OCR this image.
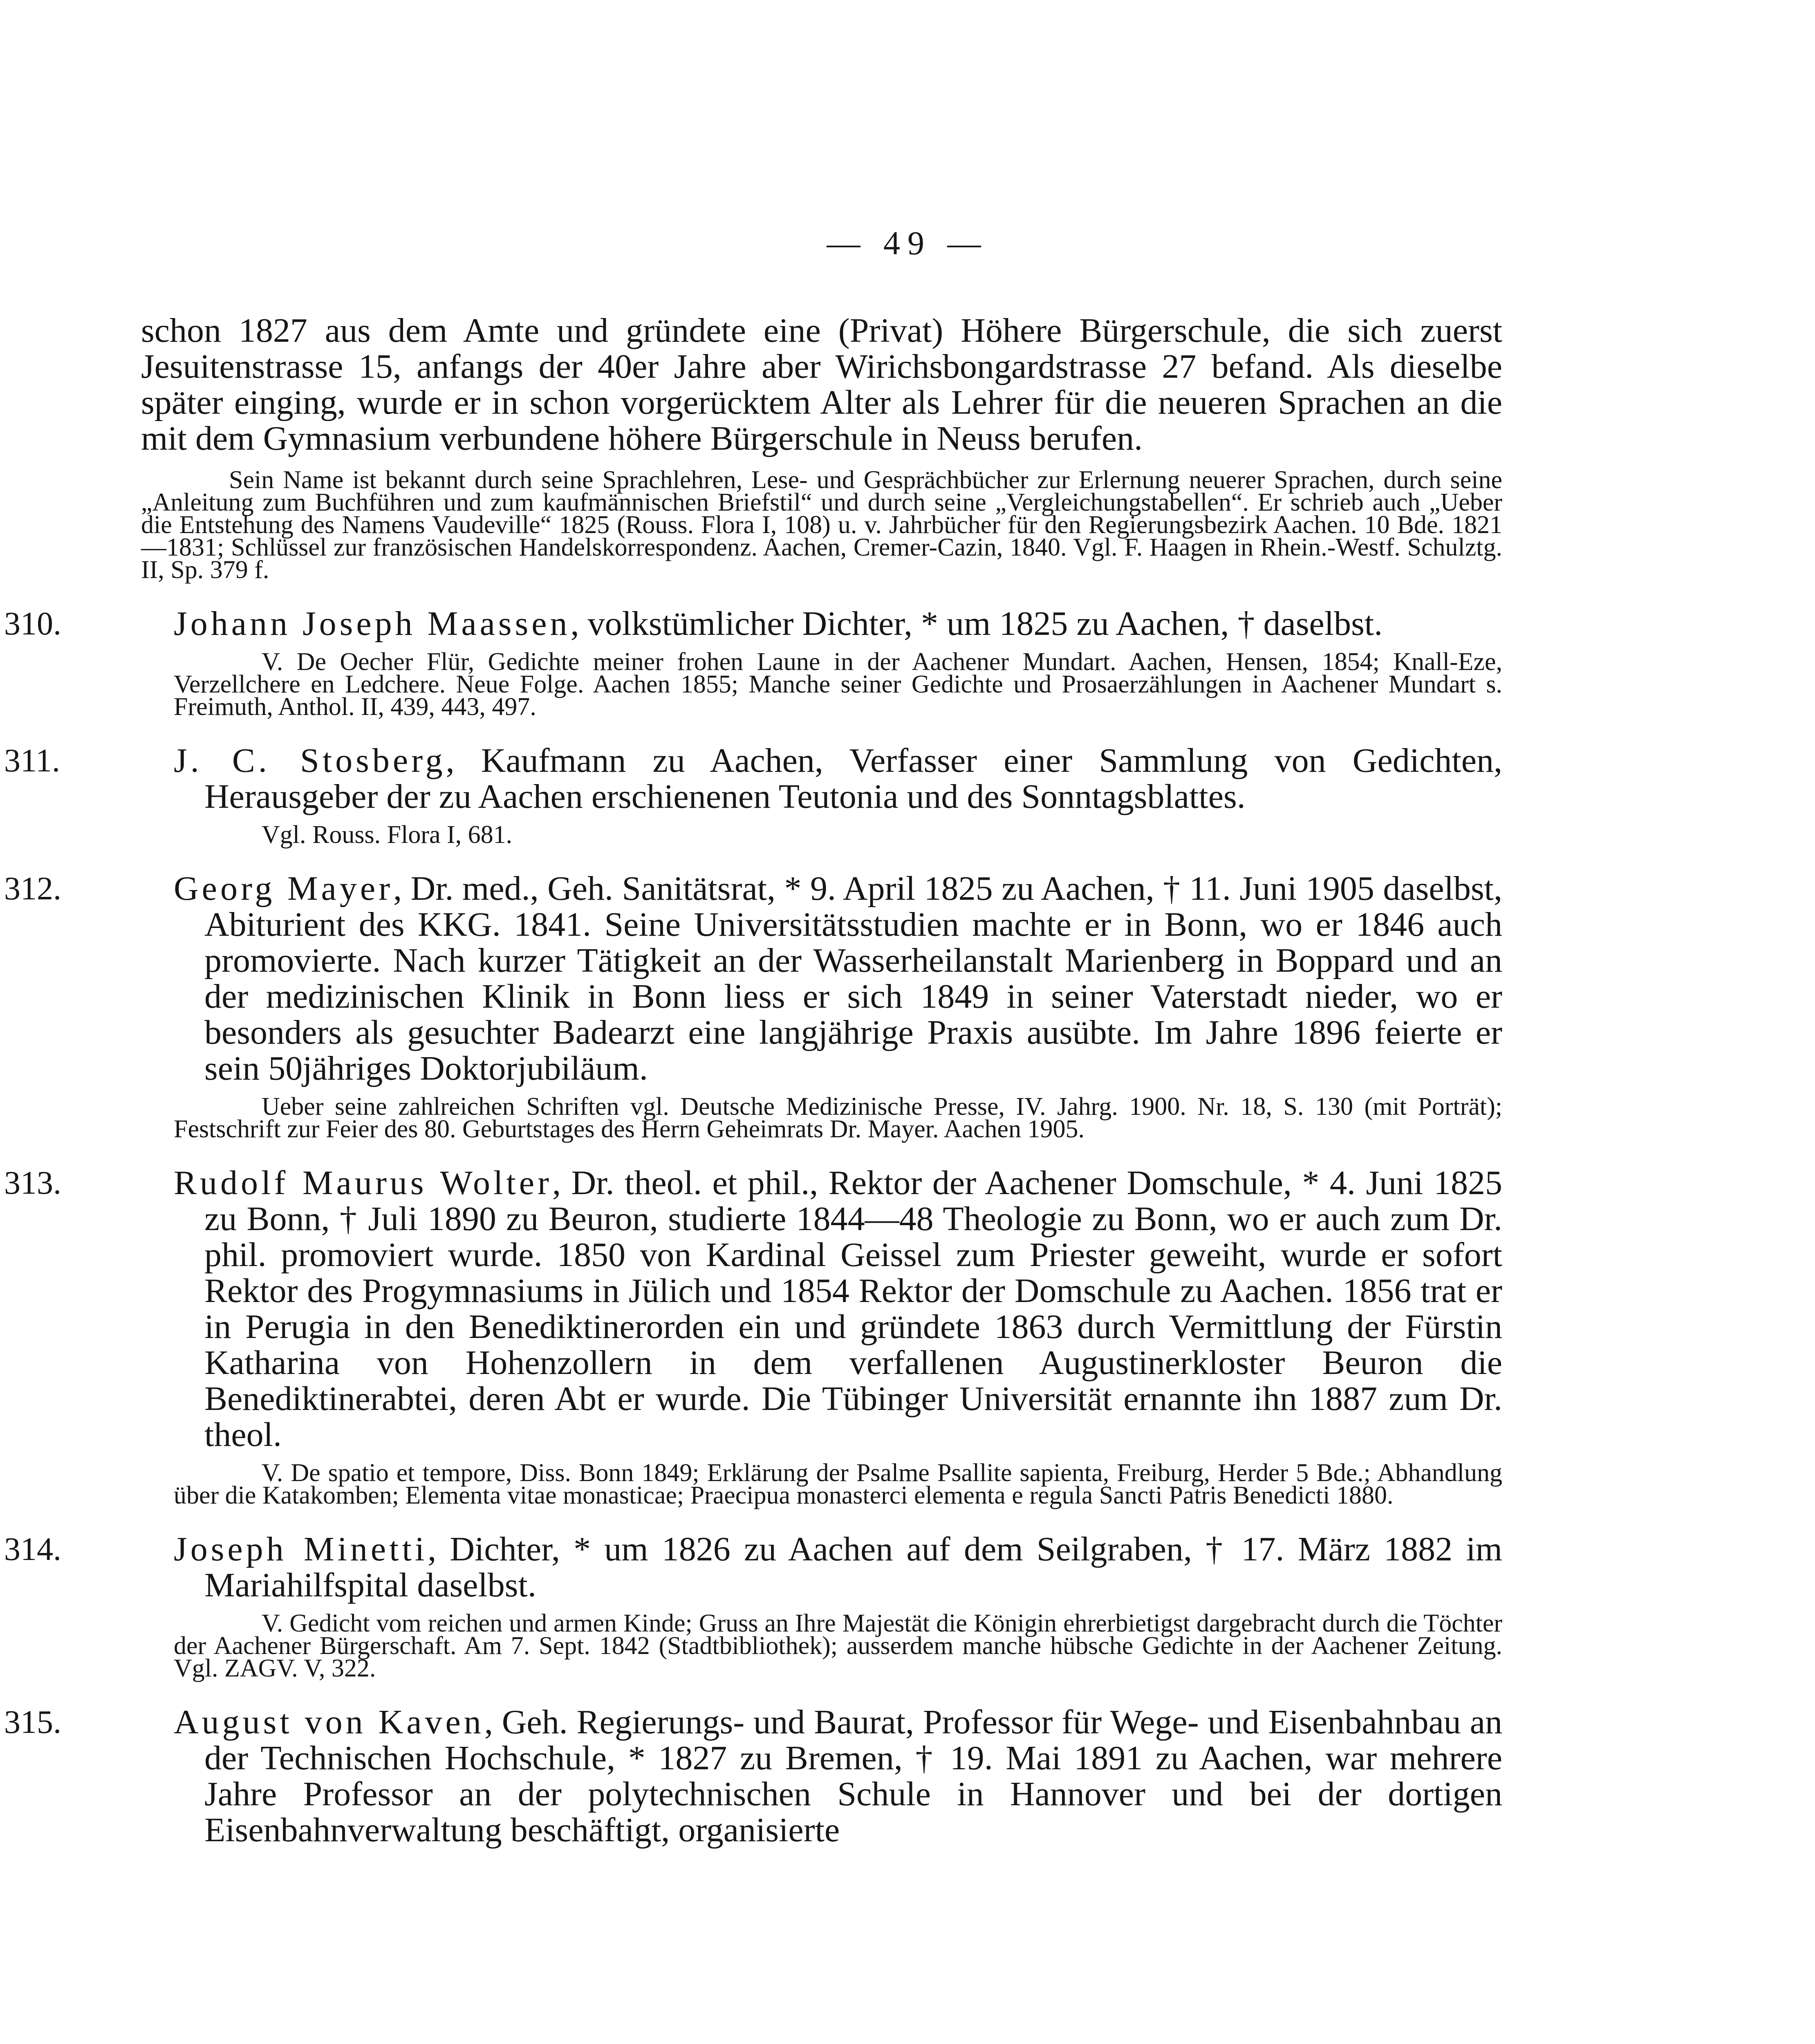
— 49 —

schon 1827 aus dem Amte und gründete eine (Privat) Höhere Bürgerschule, die sich zuerst Jesuitenstrasse 15, anfangs der 40er Jahre aber Wirichsbongardstrasse 27 befand. Als dieselbe später einging, wurde er in schon vorgerücktem Alter als Lehrer für die neueren Sprachen an die mit dem Gymnasium verbundene höhere Bürgerschule in Neuss berufen.

Sein Name ist bekannt durch seine Sprachlehren, Lese- und Gesprächbücher zur Erlernung neuerer Sprachen, durch seine „Anleitung zum Buchführen und zum kaufmännischen Briefstil“ und durch seine „Vergleichungstabellen“. Er schrieb auch „Ueber die Entstehung des Namens Vaudeville“ 1825 (Rouss. Flora I, 108) u. v. Jahrbücher für den Regierungsbezirk Aachen. 10 Bde. 1821—1831; Schlüssel zur französischen Handelskorrespondenz. Aachen, Cremer-Cazin, 1840. Vgl. F. Haagen in Rhein.-Westf. Schulztg. II, Sp. 379 f.

310.	Johann Joseph Maassen, volkstümlicher Dichter, * um 1825 zu Aachen, † daselbst.

V. De Oecher Flür, Gedichte meiner frohen Laune in der Aachener Mundart. Aachen, Hensen, 1854; Knall-Eze, Verzellchere en Ledchere. Neue Folge. Aachen 1855; Manche seiner Gedichte und Prosaerzählungen in Aachener Mundart s. Freimuth, Anthol. II, 439, 443, 497.

311.	J. C. Stosberg, Kaufmann zu Aachen, Verfasser einer Sammlung von Gedichten, Herausgeber der zu Aachen erschienenen Teutonia und des Sonntagsblattes.

Vgl. Rouss. Flora I, 681.

312.	Georg Mayer, Dr. med., Geh. Sanitätsrat, * 9. April 1825 zu Aachen, † 11. Juni 1905 daselbst, Abiturient des KKG. 1841. Seine Universitätsstudien machte er in Bonn, wo er 1846 auch promovierte. Nach kurzer Tätigkeit an der Wasserheilanstalt Marienberg in Boppard und an der medizinischen Klinik in Bonn liess er sich 1849 in seiner Vaterstadt nieder, wo er besonders als gesuchter Badearzt eine langjährige Praxis ausübte. Im Jahre 1896 feierte er sein 50jähriges Doktorjubiläum.

Ueber seine zahlreichen Schriften vgl. Deutsche Medizinische Presse, IV. Jahrg. 1900. Nr. 18, S. 130 (mit Porträt); Festschrift zur Feier des 80. Geburtstages des Herrn Geheimrats Dr. Mayer. Aachen 1905.

313.	Rudolf Maurus Wolter, Dr. theol. et phil., Rektor der Aachener Domschule, * 4. Juni 1825 zu Bonn, † Juli 1890 zu Beuron, studierte 1844—48 Theologie zu Bonn, wo er auch zum Dr. phil. promoviert wurde. 1850 von Kardinal Geissel zum Priester geweiht, wurde er sofort Rektor des Progymnasiums in Jülich und 1854 Rektor der Domschule zu Aachen. 1856 trat er in Perugia in den Benediktinerorden ein und gründete 1863 durch Vermittlung der Fürstin Katharina von Hohenzollern in dem verfallenen Augustinerkloster Beuron die Benediktinerabtei, deren Abt er wurde. Die Tübinger Universität ernannte ihn 1887 zum Dr. theol.

V. De spatio et tempore, Diss. Bonn 1849; Erklärung der Psalme Psallite sapienta, Freiburg, Herder 5 Bde.; Abhandlung über die Katakomben; Elementa vitae monasticae; Praecipua monasterci elementa e regula Sancti Patris Benedicti 1880.

314.	Joseph Minetti, Dichter, * um 1826 zu Aachen auf dem Seilgraben, † 17. März 1882 im Mariahilfspital daselbst.

V. Gedicht vom reichen und armen Kinde; Gruss an Ihre Majestät die Königin ehrerbietigst dargebracht durch die Töchter der Aachener Bürgerschaft. Am 7. Sept. 1842 (Stadtbibliothek); ausserdem manche hübsche Gedichte in der Aachener Zeitung. Vgl. ZAGV. V, 322.

315.	August von Kaven, Geh. Regierungs- und Baurat, Professor für Wege- und Eisenbahnbau an der Technischen Hochschule, * 1827 zu Bremen, † 19. Mai 1891 zu Aachen, war mehrere Jahre Professor an der polytechnischen Schule in Hannover und bei der dortigen Eisenbahnverwaltung beschäftigt, organisierte
